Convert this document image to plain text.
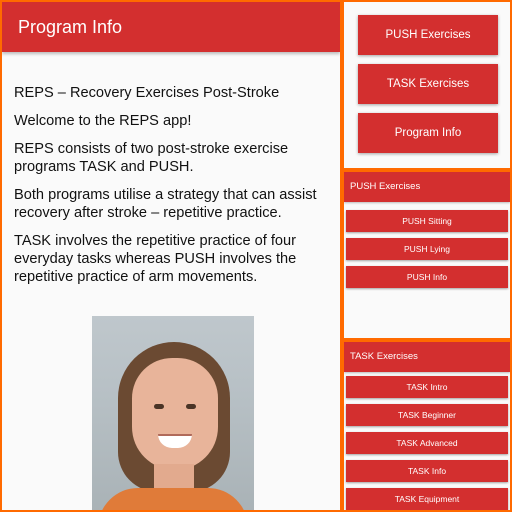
Program Info

REPS – Recovery Exercises Post-Stroke

Welcome to the REPS app!

REPS consists of two post-stroke exercise programs TASK and PUSH.

Both programs utilise a strategy that can assist recovery after stroke – repetitive practice.

TASK involves the repetitive practice of four everyday tasks whereas PUSH involves the repetitive practice of arm movements.

PUSH Exercises
TASK Exercises
Program Info
PUSH Exercises
PUSH Sitting
PUSH Lying
PUSH Info
TASK Exercises
TASK Intro
TASK Beginner
TASK Advanced
TASK Info
TASK Equipment
